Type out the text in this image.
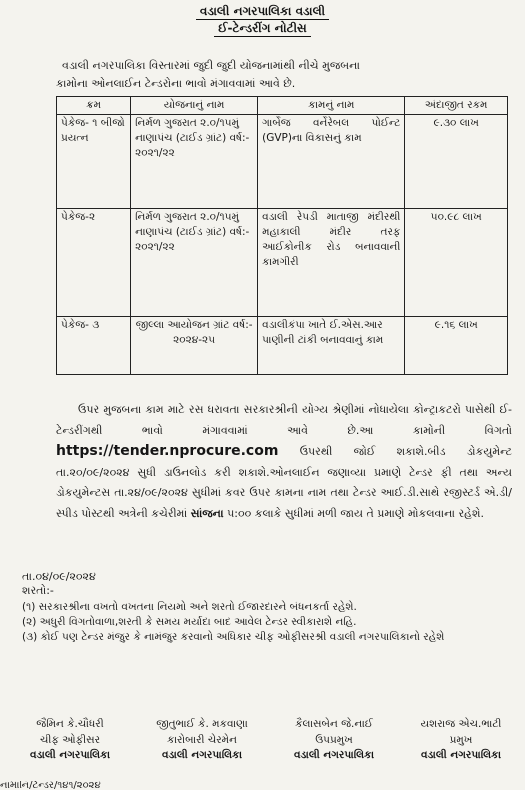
વડાલી નગરપાલિકા વડાલી
ઈ-ટેન્ડરીંગ નોટીસ
વડાલી નગરપાલિકા વિસ્તારમાં જુદી જુદી યોજનામાંથી નીચે મુજબના
કામોના ઓનલાઈન ટેન્ડરોના ભાવો મંગાવવામાં આવે છે.
ક્રમ	યોજનાનું નામ	કામનું નામ	અંદાજીત રકમ
પેકેજ- ૧ બીજો પ્રયત્ન	નિર્મળ ગુજરાત ૨.૦/૧૫મું નાણાપંચ (ટાઈડ ગ્રાંટ) વર્ષ:- ૨૦૨૧/૨૨	ગાર્બેજ વર્નેરેબલ પોઈન્ટ (GVP)ના વિકાસનું કામ	૯.૩૦ લાખ
પેકેજ-૨	નિર્મળ ગુજરાત ૨.૦/૧૫મું નાણાપંચ (ટાઈડ ગ્રાંટ) વર્ષ:- ૨૦૨૧/૨૨	વડાલી રેપડી માતાજી મંદીરથી મહાકાલી મંદીર તરફ આઈકોનીક રોડ બનાવવાની કામગીરી	૫૦.૯૮ લાખ
પેકેજ- ૩	જીલ્લા આયોજન ગ્રાંટ વર્ષ:- ૨૦૨૪-૨૫	વડાલીકંપા ખાતે ઈ.એસ.આર પાણીની ટાંકી બનાવવાનું કામ	૯.૧૬ લાખ
ઉપર મુજબના કામ માટે રસ ધરાવતા સરકારશ્રીની યોગ્ય શ્રેણીમાં નોધાયેલા કોન્ટ્રાકટરો પાસેથી ઈ-ટેન્ડરીંગથી ભાવો મંગાવવામાં આવે છે.આ કામોની વિગતો https://tender.nprocure.com ઉપરથી જોઈ શકાશે.બીડ ડોકયુમેન્ટ તા.૨૦/૦૯/૨૦૨૪ સુધી ડાઉનલોડ કરી શકાશે.ઓનલાઈન જણાવ્યા પ્રમાણે ટેન્ડર ફી તથા અન્ય ડોકયુમેન્ટસ તા.૨૪/૦૯/૨૦૨૪ સુધીમાં કવર ઉપર કામના નામ તથા ટેન્ડર આઈ.ડી.સાથે રજીસ્ટર્ડ એ.ડી/સ્પીડ પોસ્ટથી અત્રેની કચેરીમાં સાંજના ૫:૦૦ કલાકે સુધીમાં મળી જાય તે પ્રમાણે મોકલવાના રહેશે.
તા.૦૪/૦૯/૨૦૨૪
શરતો:-
(૧) સરકારશ્રીના વખતો વખતના નિયમો અને શરતો ઈજારદારને બંધનકર્તા રહેશે.
(૨) અધુરી વિગતોવાળા,શરતી કે સમય મર્યાદા બાદ આવેલ ટેન્ડર સ્વીકારાશે નહિ.
(૩) કોઈ પણ ટેન્ડર મંજુર કે નામંજુર કરવાનો અધિકાર ચીફ ઓફીસરશ્રી વડાલી નગરપાલિકાનો રહેશે
જૈમિન કે.ચૌધરી
ચીફ ઓફીસર
વડાલી નગરપાલિકા
જીતુભાઈ કે. મકવાણા
કારોબારી ચેરમેન
વડાલી નગરપાલિકા
કૈલાસબેન જે.નાઈ
ઉપપ્રમુખ
વડાલી નગરપાલિકા
યશરાજ એચ.ભાટી
પ્રમુખ
વડાલી નગરપાલિકા
નામાનિ/ટેન્ડર/૧૪૧/૨૦૨૪
